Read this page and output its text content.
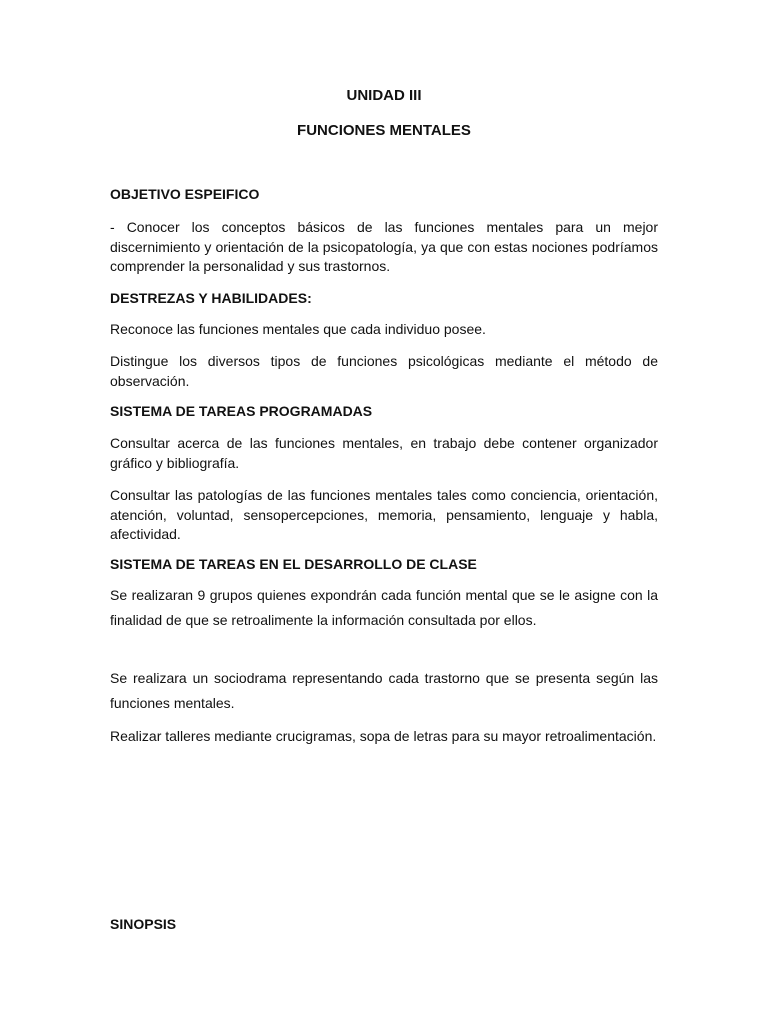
UNIDAD III
FUNCIONES MENTALES
OBJETIVO ESPEIFICO

- Conocer los conceptos básicos de las funciones mentales para un mejor discernimiento y orientación de la psicopatología, ya que con estas nociones podríamos comprender la personalidad y sus trastornos.

DESTREZAS Y HABILIDADES:

Reconoce las funciones mentales que cada individuo posee.

Distingue los diversos tipos de funciones psicológicas mediante el método de observación.

SISTEMA DE TAREAS PROGRAMADAS

Consultar acerca de las funciones mentales, en trabajo debe contener organizador gráfico y bibliografía.

Consultar las patologías de las funciones mentales tales como conciencia, orientación, atención, voluntad, sensopercepciones, memoria, pensamiento, lenguaje y habla, afectividad.

SISTEMA DE TAREAS EN EL DESARROLLO DE CLASE

Se realizaran 9 grupos quienes expondrán cada función mental que se le asigne con la finalidad de que se retroalimente la información consultada por ellos.

Se realizara un sociodrama representando cada trastorno que se presenta según las funciones mentales.

Realizar talleres mediante crucigramas, sopa de letras para su mayor retroalimentación.

SINOPSIS
